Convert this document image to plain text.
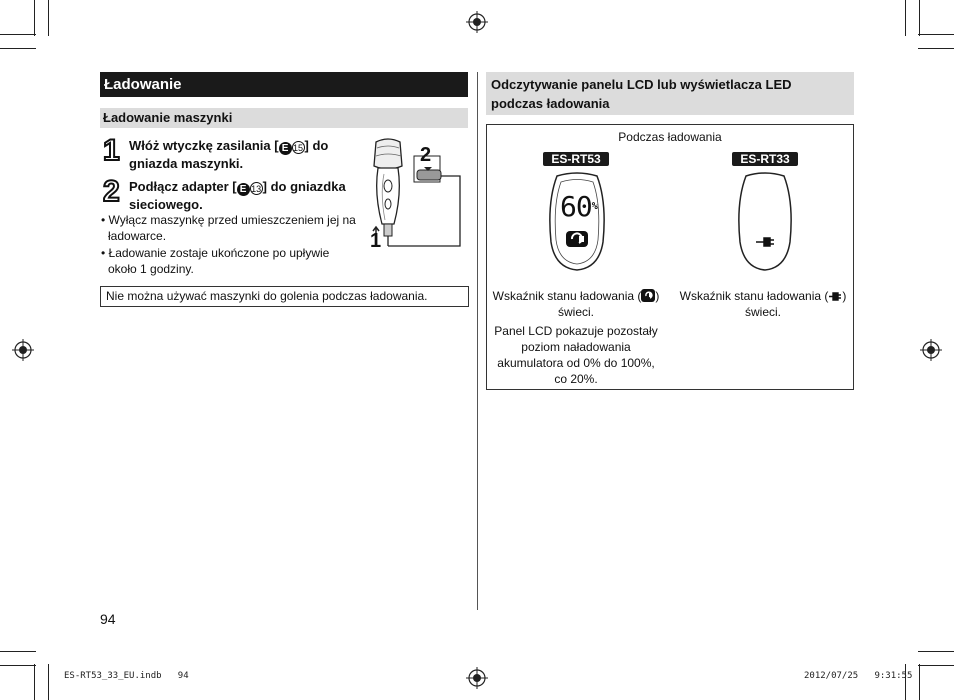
Ładowanie
Ładowanie maszynki
1 Włóż wtyczkę zasilania [ E 15 ] do
gniazda maszynki.
2 Podłącz adapter [ E 13 ] do gniazdka
sieciowego.
• Wyłącz maszynkę przed umieszczeniem jej na
ładowarce.
• Ładowanie zostaje ukończone po upływie
około 1 godziny.
2
1
Nie można używać maszynki do golenia podczas ładowania.
94
Odczytywanie panelu LCD lub wyświetlacza LED
podczas ładowania
Podczas ładowania
ES-RT53	ES-RT33
60%
Wskaźnik stanu ładowania ( )
świeci.
Panel LCD pokazuje pozostały
poziom naładowania
akumulatora od 0% do 100%,
co 20%.
Wskaźnik stanu ładowania ( )
świeci.
ES-RT53_33_EU.indb   94	2012/07/25   9:31:55
